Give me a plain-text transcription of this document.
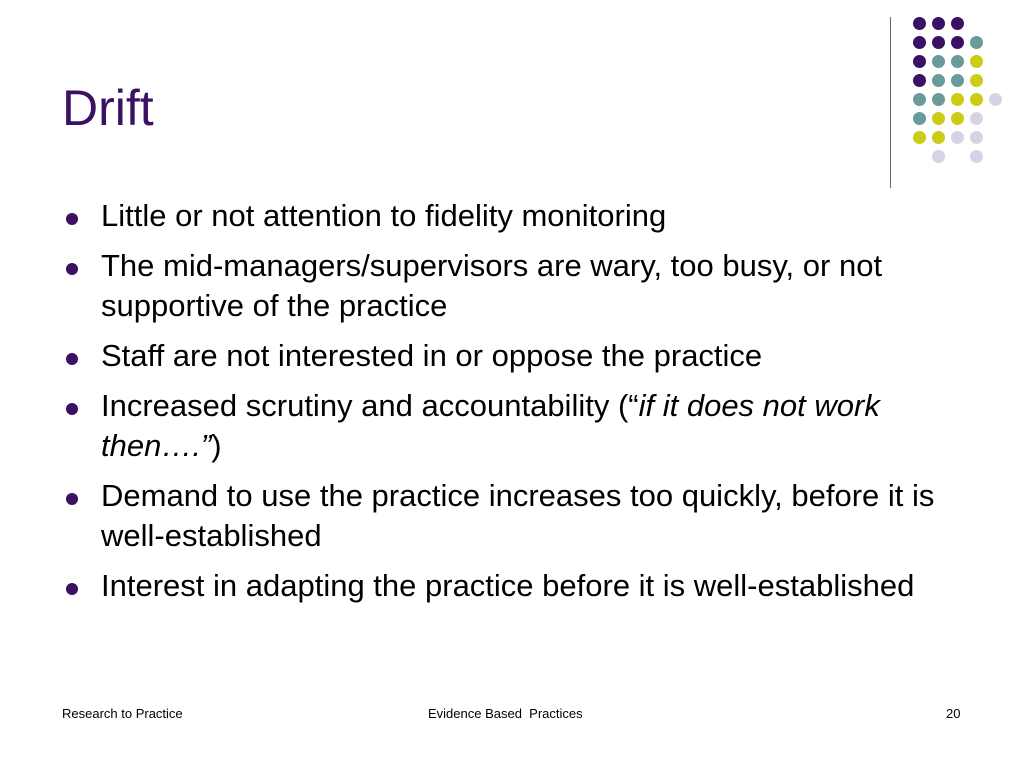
Drift
Little or not attention to fidelity monitoring
The mid-managers/supervisors are wary, too busy, or not supportive of the practice
Staff are not interested in or oppose the practice
Increased scrutiny and accountability (“if it does not work then….”)
Demand to use the practice increases too quickly, before it is well-established
Interest in adapting the practice before it is well-established
Research to Practice	Evidence Based  Practices	20
